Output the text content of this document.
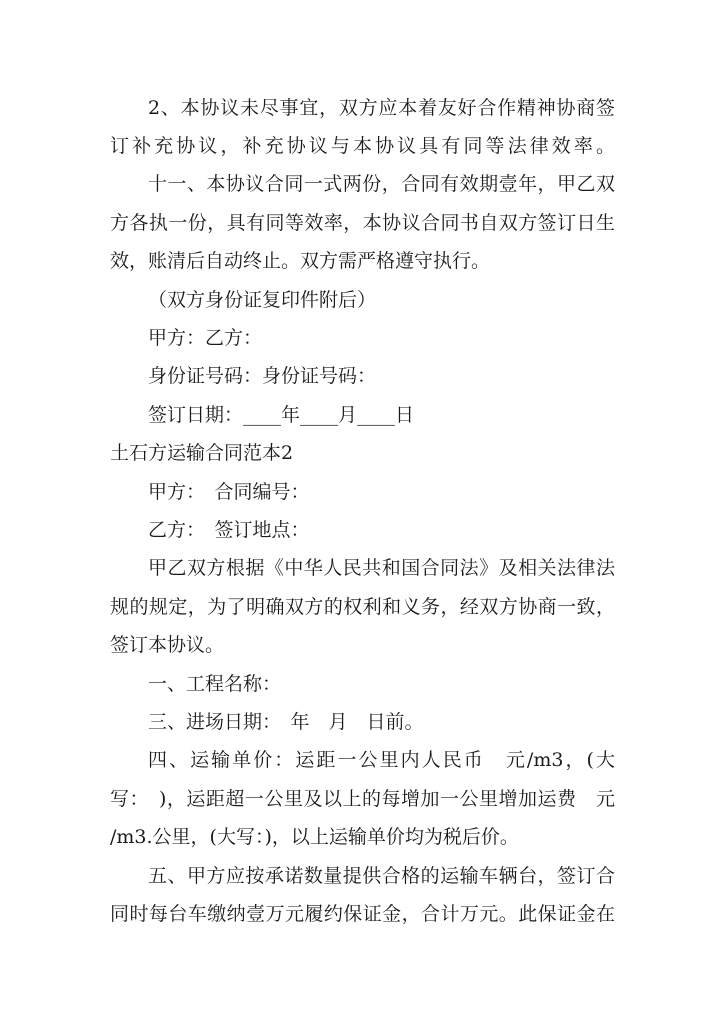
2、本协议未尽事宜，双方应本着友好合作精神协商签
订补充协议，补充协议与本协议具有同等法律效率。
十一、本协议合同一式两份，合同有效期壹年，甲乙双
方各执一份，具有同等效率，本协议合同书自双方签订日生
效，账清后自动终止。双方需严格遵守执行。
（双方身份证复印件附后）
甲方：乙方：
身份证号码：身份证号码：
签订日期：____年____月____日
土石方运输合同范本2
甲方：　合同编号：
乙方：　签订地点：
甲乙双方根据《中华人民共和国合同法》及相关法律法
规的规定，为了明确双方的权利和义务，经双方协商一致，
签订本协议。
一、工程名称：
三、进场日期：　年　月　日前。
四、运输单价：运距一公里内人民币　元/m3，(大
写：　)，运距超一公里及以上的每增加一公里增加运费　元
/m3.公里，(大写：)，以上运输单价均为税后价。
五、甲方应按承诺数量提供合格的运输车辆台，签订合
同时每台车缴纳壹万元履约保证金，合计万元。此保证金在
